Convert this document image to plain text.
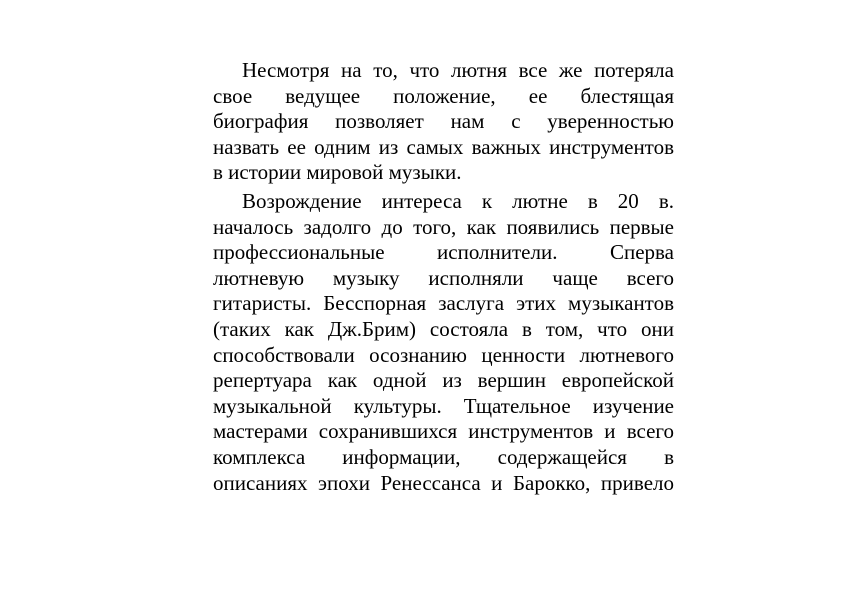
Несмотря на то, что лютня все же потеряла
свое ведущее положение, ее блестящая
биография позволяет нам с уверенностью
назвать ее одним из самых важных инструментов
в истории мировой музыки.

Возрождение интереса к лютне в 20 в.
началось задолго до того, как появились первые
профессиональные исполнители. Сперва
лютневую музыку исполняли чаще всего
гитаристы. Бесспорная заслуга этих музыкантов
(таких как Дж.Брим) состояла в том, что они
способствовали осознанию ценности лютневого
репертуара как одной из вершин европейской
музыкальной культуры. Тщательное изучение
мастерами сохранившихся инструментов и всего
комплекса информации, содержащейся в
описаниях эпохи Ренессанса и Барокко, привело
